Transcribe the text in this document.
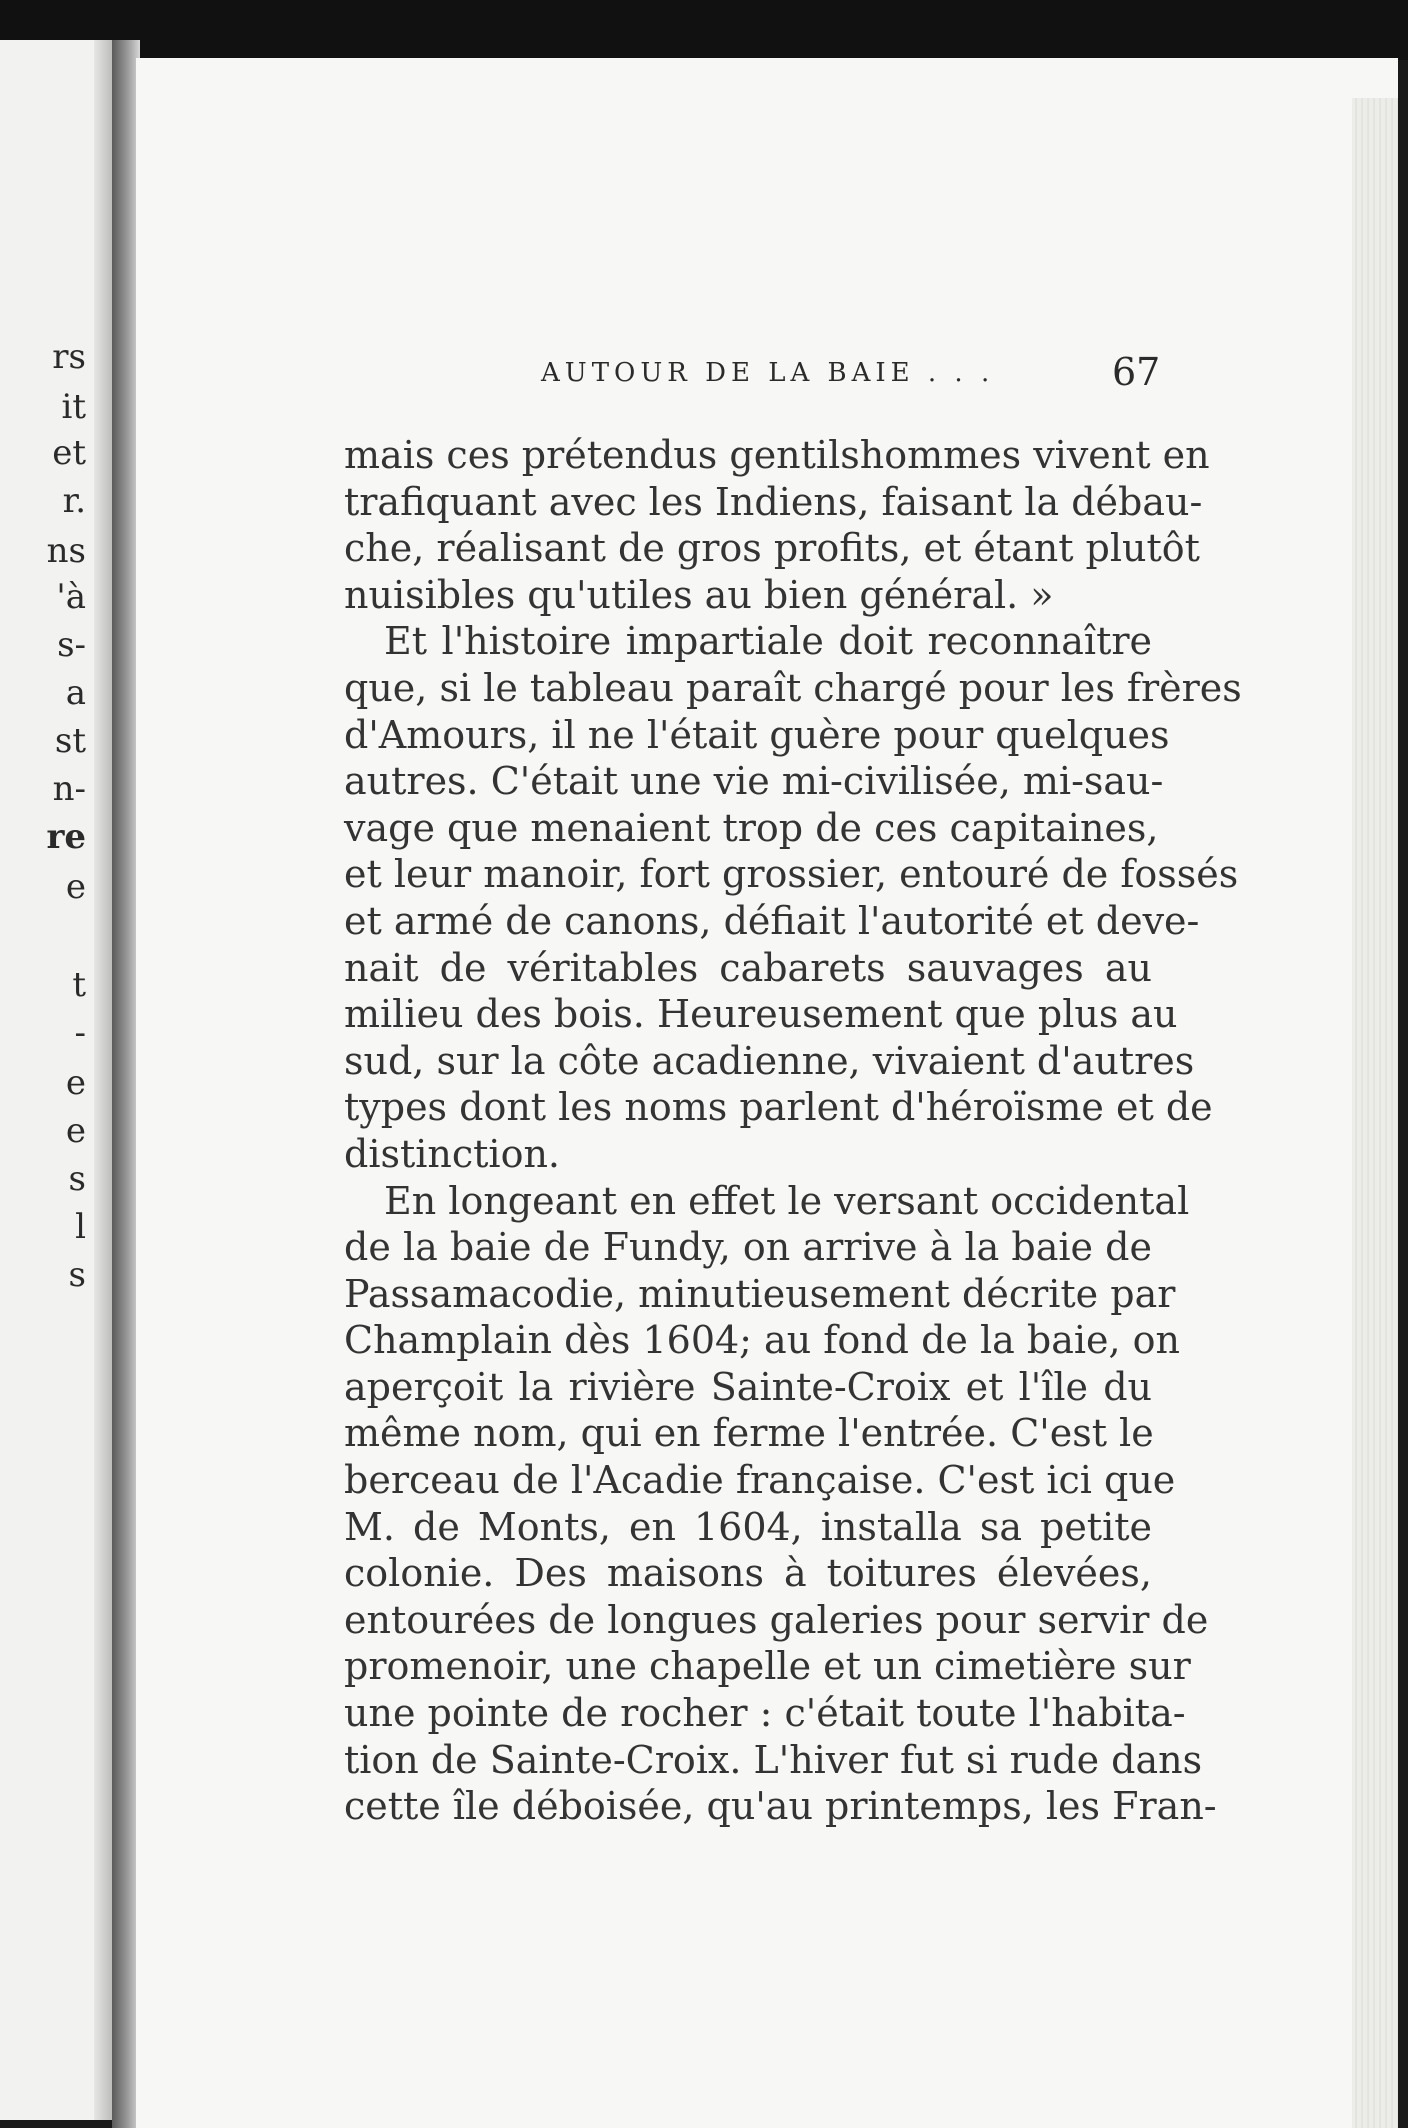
rs
it
et
r.
ns
'à
s-
a
st
n-
re
e
t
-
e
e
s
l
s
AUTOUR DE LA BAIE . . .	67
mais ces prétendus gentilshommes vivent en
trafiquant avec les Indiens, faisant la débau-
che, réalisant de gros profits, et étant plutôt
nuisibles qu'utiles au bien général. »
Et l'histoire impartiale doit reconnaître
que, si le tableau paraît chargé pour les frères
d'Amours, il ne l'était guère pour quelques
autres. C'était une vie mi-civilisée, mi-sau-
vage que menaient trop de ces capitaines,
et leur manoir, fort grossier, entouré de fossés
et armé de canons, défiait l'autorité et deve-
nait de véritables cabarets sauvages au
milieu des bois. Heureusement que plus au
sud, sur la côte acadienne, vivaient d'autres
types dont les noms parlent d'héroïsme et de
distinction.
En longeant en effet le versant occidental
de la baie de Fundy, on arrive à la baie de
Passamacodie, minutieusement décrite par
Champlain dès 1604; au fond de la baie, on
aperçoit la rivière Sainte-Croix et l'île du
même nom, qui en ferme l'entrée. C'est le
berceau de l'Acadie française. C'est ici que
M. de Monts, en 1604, installa sa petite
colonie. Des maisons à toitures élevées,
entourées de longues galeries pour servir de
promenoir, une chapelle et un cimetière sur
une pointe de rocher : c'était toute l'habita-
tion de Sainte-Croix. L'hiver fut si rude dans
cette île déboisée, qu'au printemps, les Fran-
